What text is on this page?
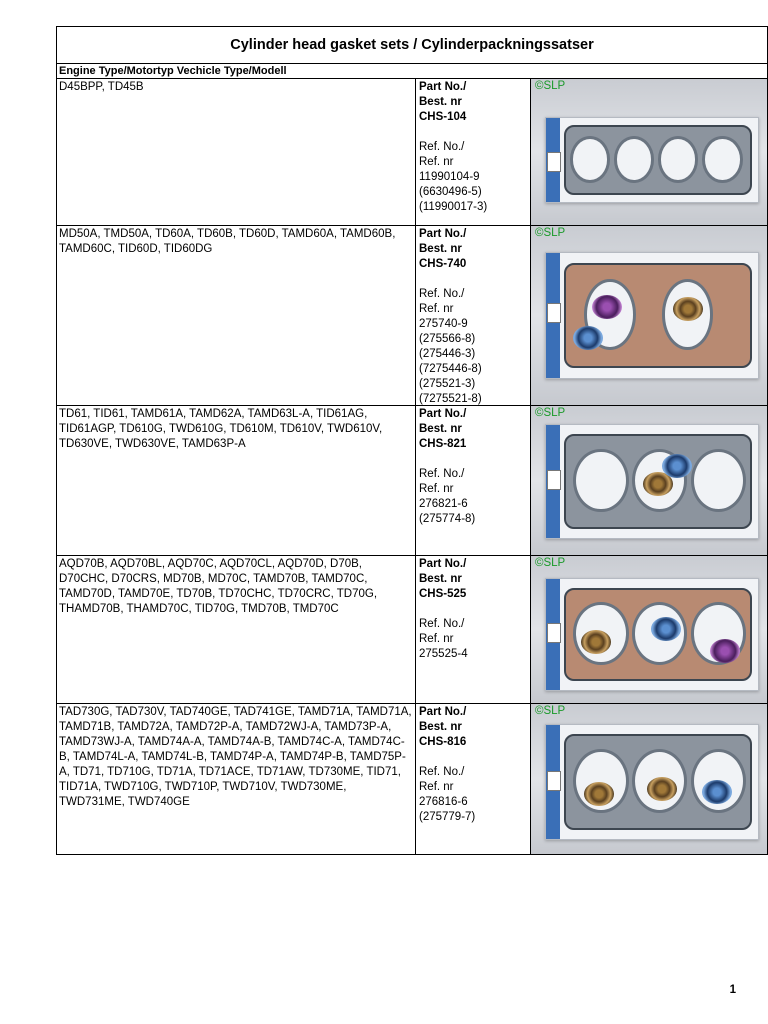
Cylinder head gasket sets / Cylinderpackningssatser
Engine Type/Motortyp Vechicle Type/Modell
D45BPP, TD45B	Part No./
Best. nr
CHS-104
Ref. No./
Ref. nr
11990104-9
(6630496-5)
(11990017-3)
©SLP
MD50A, TMD50A, TD60A, TD60B, TD60D, TAMD60A, TAMD60B, TAMD60C, TID60D, TID60DG
Part No./
Best. nr
CHS-740
Ref. No./
Ref. nr
275740-9
(275566-8)
(275446-3)
(7275446-8)
(275521-3)
(7275521-8)
©SLP
TD61, TID61, TAMD61A, TAMD62A, TAMD63L-A, TID61AG, TID61AGP, TD610G, TWD610G, TD610M, TD610V, TWD610V, TD630VE, TWD630VE, TAMD63P-A
Part No./
Best. nr
CHS-821
Ref. No./
Ref. nr
276821-6
(275774-8)
©SLP
AQD70B, AQD70BL, AQD70C, AQD70CL, AQD70D, D70B, D70CHC, D70CRS, MD70B, MD70C, TAMD70B, TAMD70C, TAMD70D, TAMD70E, TD70B, TD70CHC, TD70CRC, TD70G, THAMD70B, THAMD70C, TID70G, TMD70B, TMD70C
Part No./
Best. nr
CHS-525
Ref. No./
Ref. nr
275525-4
©SLP
TAD730G, TAD730V, TAD740GE, TAD741GE, TAMD71A, TAMD71A, TAMD71B, TAMD72A, TAMD72P-A, TAMD72WJ-A, TAMD73P-A, TAMD73WJ-A, TAMD74A-A, TAMD74A-B, TAMD74C-A, TAMD74C-B, TAMD74L-A, TAMD74L-B, TAMD74P-A, TAMD74P-B, TAMD75P-A, TD71, TD710G, TD71A, TD71ACE, TD71AW, TD730ME, TID71, TID71A, TWD710G, TWD710P, TWD710V, TWD730ME, TWD731ME, TWD740GE
Part No./
Best. nr
CHS-816
Ref. No./
Ref. nr
276816-6
(275779-7)
©SLP
1
